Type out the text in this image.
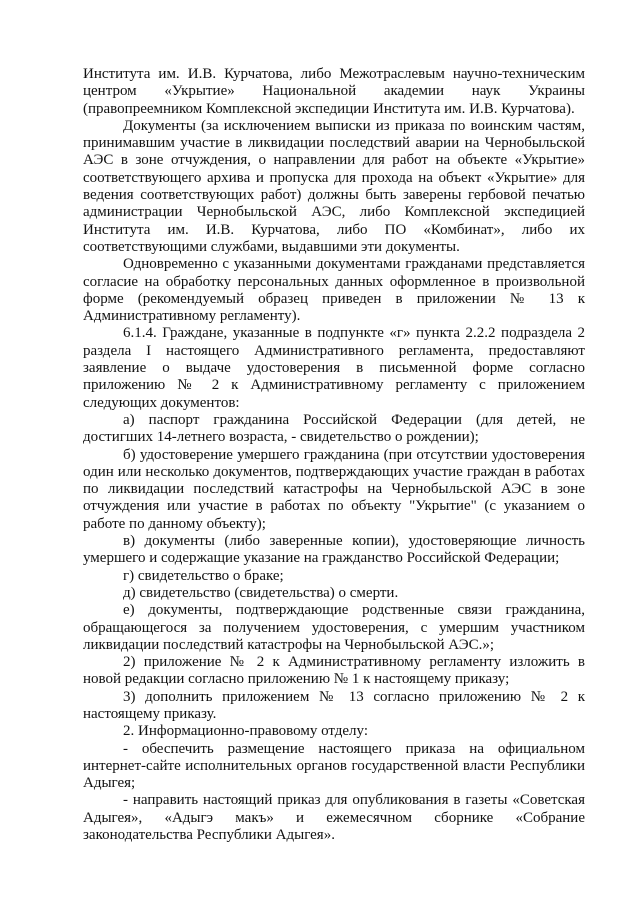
Института им. И.В. Курчатова, либо Межотраслевым научно-техническим центром «Укрытие» Национальной академии наук Украины (правопреемником Комплексной экспедиции Института им. И.В. Курчатова).

Документы (за исключением выписки из приказа по воинским частям, принимавшим участие в ликвидации последствий аварии на Чернобыльской АЭС в зоне отчуждения, о направлении для работ на объекте «Укрытие» соответствующего архива и пропуска для прохода на объект «Укрытие» для ведения соответствующих работ) должны быть заверены гербовой печатью администрации Чернобыльской АЭС, либо Комплексной экспедицией Института им. И.В. Курчатова, либо ПО «Комбинат», либо их соответствующими службами, выдавшими эти документы.

Одновременно с указанными документами гражданами представляется согласие на обработку персональных данных оформленное в произвольной форме (рекомендуемый образец приведен в приложении № 13 к Административному регламенту).

6.1.4. Граждане, указанные в подпункте «г» пункта 2.2.2 подраздела 2 раздела I настоящего Административного регламента, предоставляют заявление о выдаче удостоверения в письменной форме согласно приложению № 2 к Административному регламенту с приложением следующих документов:

а) паспорт гражданина Российской Федерации (для детей, не достигших 14-летнего возраста, - свидетельство о рождении);

б) удостоверение умершего гражданина (при отсутствии удостоверения один или несколько документов, подтверждающих участие граждан в работах по ликвидации последствий катастрофы на Чернобыльской АЭС в зоне отчуждения или участие в работах по объекту "Укрытие" (с указанием о работе по данному объекту);

в) документы (либо заверенные копии), удостоверяющие личность умершего и содержащие указание на гражданство Российской Федерации;

г) свидетельство о браке;

д) свидетельство (свидетельства) о смерти.

е) документы, подтверждающие родственные связи гражданина, обращающегося за получением удостоверения, с умершим участником ликвидации последствий катастрофы на Чернобыльской АЭС.»;

2) приложение № 2 к Административному регламенту изложить в новой редакции согласно приложению № 1 к настоящему приказу;

3) дополнить приложением № 13 согласно приложению № 2 к настоящему приказу.

2. Информационно-правовому отделу:

- обеспечить размещение настоящего приказа на официальном интернет-сайте исполнительных органов государственной власти Республики Адыгея;

- направить настоящий приказ для опубликования в газеты «Советская Адыгея», «Адыгэ макъ» и ежемесячном сборнике «Собрание законодательства Республики Адыгея».
